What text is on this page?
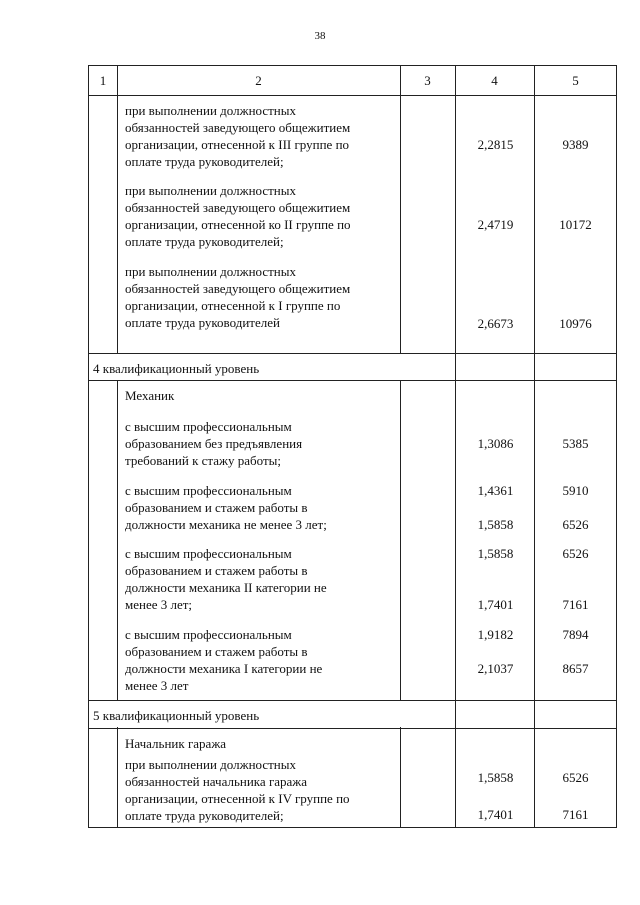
38
1	2	3	4	5
при выполнении должностных
обязанностей заведующего общежитием
организации, отнесенной к III группе по
оплате труда руководителей;
2,2815	9389
при выполнении должностных
обязанностей заведующего общежитием
организации, отнесенной ко II группе по
оплате труда руководителей;
2,4719	10172
при выполнении должностных
обязанностей заведующего общежитием
организации, отнесенной к I группе по
оплате труда руководителей	2,6673	10976
4 квалификационный уровень
Механик
с высшим профессиональным
образованием без предъявления
требований к стажу работы;
1,3086	5385
с высшим профессиональным
образованием и стажем работы в
должности механика не менее 3 лет;
1,4361	5910
1,5858	6526
с высшим профессиональным
образованием и стажем работы в
должности механика II категории не
менее 3 лет;
1,5858	6526
1,7401	7161
с высшим профессиональным
образованием и стажем работы в
должности механика I категории не
менее 3 лет
1,9182	7894
2,1037	8657
5 квалификационный уровень
Начальник гаража
при выполнении должностных
обязанностей начальника гаража
организации, отнесенной к IV группе по
оплате труда руководителей;
1,5858	6526
1,7401	7161
